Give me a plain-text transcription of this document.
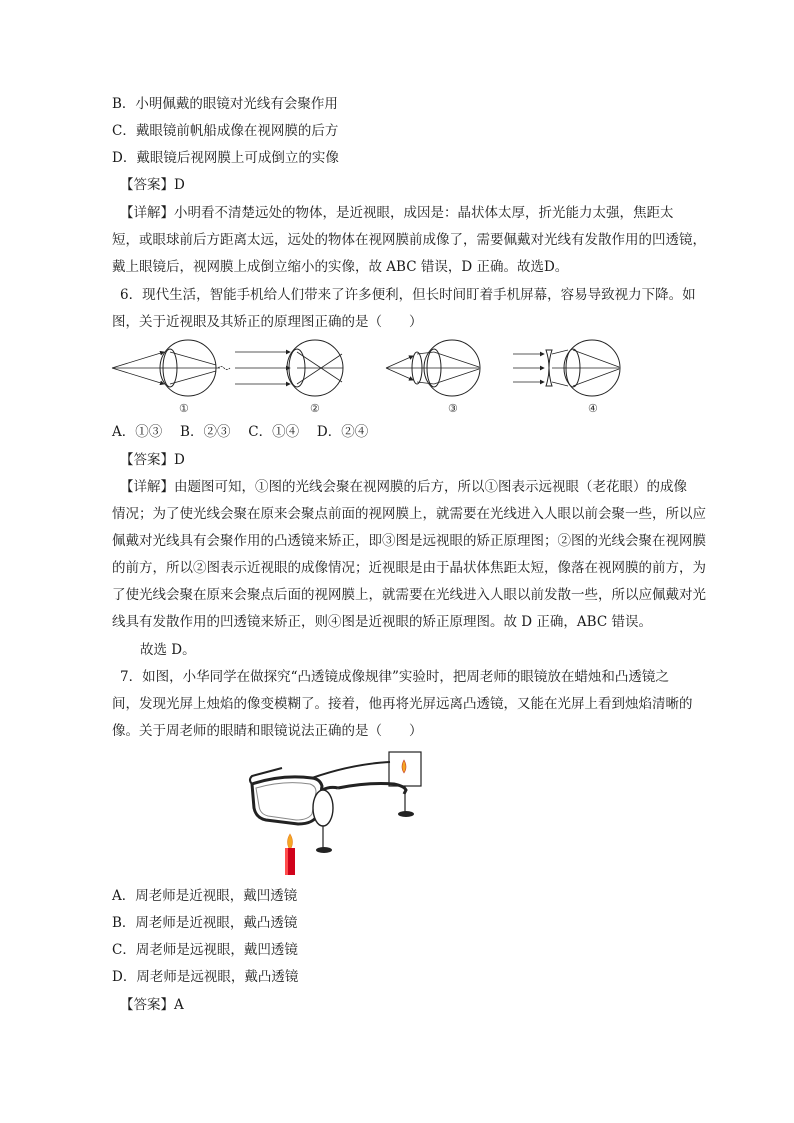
B．小明佩戴的眼镜对光线有会聚作用
C．戴眼镜前帆船成像在视网膜的后方
D．戴眼镜后视网膜上可成倒立的实像
【答案】D
【详解】小明看不清楚远处的物体，是近视眼，成因是：晶状体太厚，折光能力太强，焦距太
短，或眼球前后方距离太远，远处的物体在视网膜前成像了，需要佩戴对光线有发散作用的凹透镜，
戴上眼镜后，视网膜上成倒立缩小的实像，故 ABC 错误，D 正确。故选D。
6．现代生活，智能手机给人们带来了许多便利，但长时间盯着手机屏幕，容易导致视力下降。如
图，关于近视眼及其矫正的原理图正确的是（　　）
①	②	③	④
A．①③　 B．②③　 C．①④　 D．②④
【答案】D
【详解】由题图可知，①图的光线会聚在视网膜的后方，所以①图表示远视眼（老花眼）的成像
情况；为了使光线会聚在原来会聚点前面的视网膜上，就需要在光线进入人眼以前会聚一些，所以应
佩戴对光线具有会聚作用的凸透镜来矫正，即③图是远视眼的矫正原理图；②图的光线会聚在视网膜
的前方，所以②图表示近视眼的成像情况；近视眼是由于晶状体焦距太短，像落在视网膜的前方，为
了使光线会聚在原来会聚点后面的视网膜上，就需要在光线进入人眼以前发散一些，所以应佩戴对光
线具有发散作用的凹透镜来矫正，则④图是近视眼的矫正原理图。故 D 正确，ABC 错误。
故选 D。
7．如图，小华同学在做探究“凸透镜成像规律”实验时，把周老师的眼镜放在蜡烛和凸透镜之
间，发现光屏上烛焰的像变模糊了。接着，他再将光屏远离凸透镜，又能在光屏上看到烛焰清晰的
像。关于周老师的眼睛和眼镜说法正确的是（　　）
A．周老师是近视眼，戴凹透镜
B．周老师是近视眼，戴凸透镜
C．周老师是远视眼，戴凹透镜
D．周老师是远视眼，戴凸透镜
【答案】A
